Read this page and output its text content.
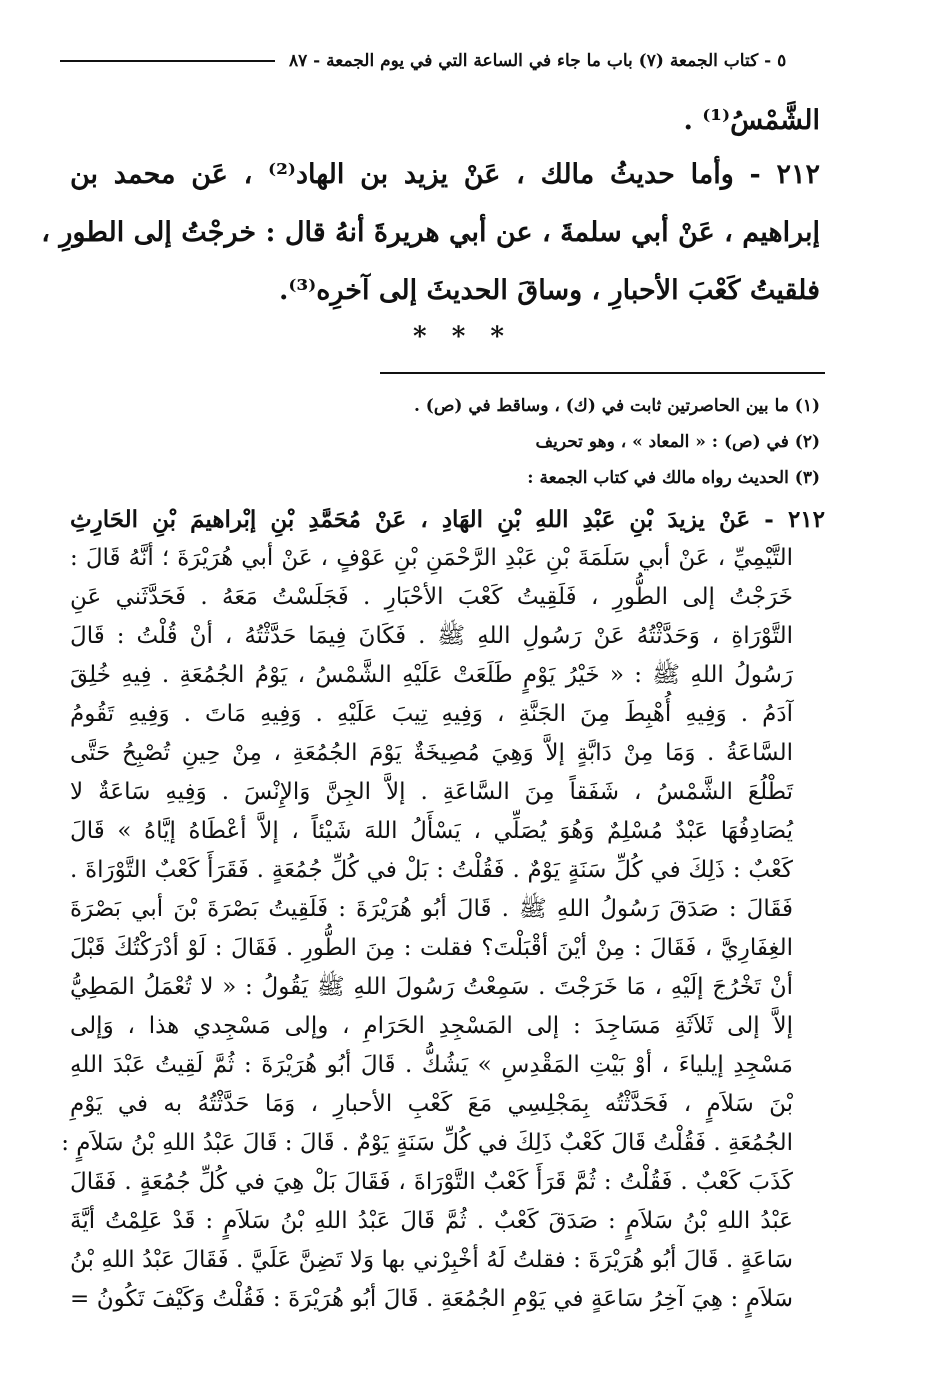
٥ - كتاب الجمعة (٧) باب ما جاء في الساعة التي في يوم الجمعة - ٨٧
الشَّمْسُ⁽¹⁾ .
٢١٢ - وأما حديثُ مالك ، عَنْ يزيد بن الهاد⁽²⁾ ، عَن محمد بن
إبراهيم ، عَنْ أبي سلمةَ ، عن أبي هريرةَ أنهُ قال : خرجْتُ إلى الطورِ ،
فلقيتُ كَعْبَ الأحبارِ ، وساقَ الحديثَ إلى آخرِه⁽³⁾.
* * *
(١) ما بين الحاصرتين ثابت في (ك) ، وساقط في (ص) .
(٢) في (ص) : « المعاد » ، وهو تحريف
(٣) الحديث رواه مالك في كتاب الجمعة :
٢١٢ - عَنْ يزيدَ بْنِ عَبْدِ اللهِ بْنِ الهَادِ ، عَنْ مُحَمَّدِ بْنِ إبْراهيمَ بْنِ الحَارِثِ
التَّيْمِيِّ ، عَنْ أبي سَلَمَةَ بْنِ عَبْدِ الرَّحْمَنِ بْنِ عَوْفٍ ، عَنْ أبي هُرَيْرَةَ ؛ أنَّهُ قَالَ :
خَرَجْتُ إلى الطُّورِ ، فَلَقِيتُ كَعْبَ الأحْبَارِ . فَجَلَسْتُ مَعَهُ . فَحَدَّثَني عَنِ
التَّوْرَاةِ ، وَحَدَّثْتُهُ عَنْ رَسُولِ اللهِ ﷺ . فَكَانَ فِيمَا حَدَّثْتُهُ ، أنْ قُلْتُ : قَالَ
رَسُولُ اللهِ ﷺ : « خَيْرُ يَوْمٍ طَلَعَتْ عَلَيْهِ الشَّمْسُ ، يَوْمُ الجُمُعَةِ . فِيهِ خُلِقَ
آدَمُ . وَفِيهِ أُهْبِطَ مِنَ الجَنَّةِ ، وَفِيهِ تِيبَ عَلَيْهِ . وَفِيهِ مَاتَ . وَفِيهِ تَقُومُ
السَّاعَةُ . وَمَا مِنْ دَابَّةٍ إلاَّ وَهِيَ مُصِيخَةٌ يَوْمَ الجُمُعَةِ ، مِنْ حِينِ تُصْبِحُ حَتَّى
تَطْلُعَ الشَّمْسُ ، شَفَقاً مِنَ السَّاعَةِ . إلاَّ الجِنَّ وَالإِنْسَ . وَفِيهِ سَاعَةٌ لا
يُصَادِفُهَا عَبْدٌ مُسْلِمٌ وَهُوَ يُصَلِّي ، يَسْأَلُ اللهَ شَيْئاً ، إلاَّ أعْطَاهُ إيَّاهُ » قَالَ
كَعْبٌ : ذَلِكَ في كُلِّ سَنَةٍ يَوْمٌ . فَقُلْتُ : بَلْ في كُلِّ جُمُعَةٍ . فَقَرَأَ كَعْبٌ التَّوْرَاةَ .
فَقَالَ : صَدَقَ رَسُولُ اللهِ ﷺ . قَالَ أبُو هُرَيْرَةَ : فَلَقِيتُ بَصْرَةَ بْنَ أبي بَصْرَةَ
الغِفَارِيَّ ، فَقَالَ : مِنْ أيْنَ أقْبَلْتَ؟ فقلت : مِنَ الطُّورِ . فَقَالَ : لَوْ أدْرَكْتُكَ قَبْلَ
أنْ تَخْرُجَ إلَيْهِ ، مَا خَرَجْتَ . سَمِعْتُ رَسُولَ اللهِ ﷺ يَقُولُ : « لا تُعْمَلُ المَطِيُّ
إلاَّ إلى ثَلاَثَةِ مَسَاجِدَ : إلى المَسْجِدِ الحَرَامِ ، وإلى مَسْجِدي هذا ، وَإلى
مَسْجِدِ إيلياءَ ، أوْ بَيْتِ المَقْدِسِ » يَشُكُّ . قَالَ أبُو هُرَيْرَةَ : ثُمَّ لَقِيتُ عَبْدَ اللهِ
بْنَ سَلاَمٍ ، فَحَدَّثْتُه بِمَجْلِسِي مَعَ كَعْبِ الأحبارِ ، وَمَا حَدَّثْتُهُ به في يَوْمِ
الجُمُعَةِ . فَقُلْتُ قَالَ كَعْبٌ ذَلِكَ في كُلِّ سَنَةٍ يَوْمٌ . قَالَ : قَالَ عَبْدُ اللهِ بْنُ سَلاَمٍ :
كَذَبَ كَعْبٌ . فَقُلْتُ : ثُمَّ قَرَأَ كَعْبٌ التَّوْرَاةَ ، فَقَالَ بَلْ هِيَ في كُلِّ جُمُعَةٍ . فَقَالَ
عَبْدُ اللهِ بْنُ سَلاَمٍ : صَدَقَ كَعْبٌ . ثُمَّ قَالَ عَبْدُ اللهِ بْنُ سَلاَمٍ : قَدْ عَلِمْتُ أيَّةَ
سَاعَةٍ . قَالَ أبُو هُرَيْرَةَ : فقلتُ لَهُ أخْبِرْني بها وَلا تَضِنَّ عَلَيَّ . فَقَالَ عَبْدُ اللهِ بْنُ
سَلاَمٍ : هِيَ آخِرُ سَاعَةٍ في يَوْمِ الجُمُعَةِ . قَالَ أبُو هُرَيْرَةَ : فَقُلْتُ وَكَيْفَ تَكُونُ =
